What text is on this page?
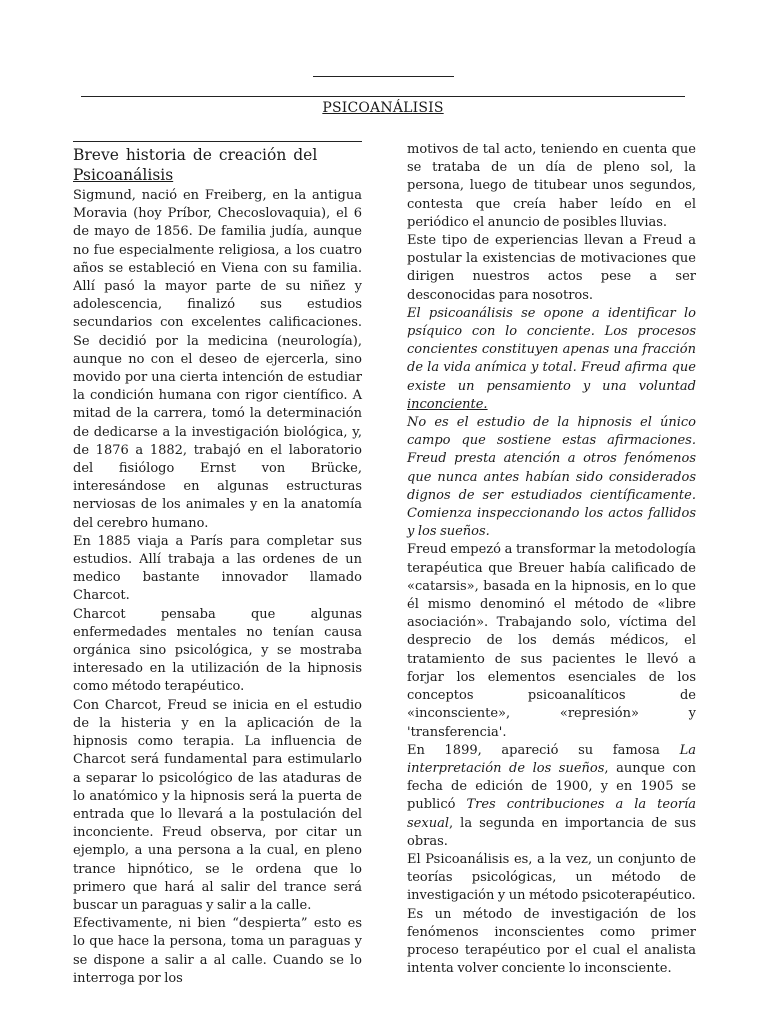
PSICOANÁLISIS
Breve historia de creación del
Psicoanálisis

Sigmund, nació en Freiberg, en la antigua Moravia (hoy Príbor, Checoslovaquia), el 6 de mayo de 1856. De familia judía, aunque no fue especialmente religiosa, a los cuatro años se estableció en Viena con su familia. Allí pasó la mayor parte de su niñez y adolescencia, finalizó sus estudios secundarios con excelentes calificaciones. Se decidió por la medicina (neurología), aunque no con el deseo de ejercerla, sino movido por una cierta intención de estudiar la condición humana con rigor científico. A mitad de la carrera, tomó la determinación de dedicarse a la investigación biológica, y, de 1876 a 1882, trabajó en el laboratorio del fisiólogo Ernst von Brücke, interesándose en algunas estructuras nerviosas de los animales y en la anatomía del cerebro humano.

En 1885 viaja a París para completar sus estudios. Allí trabaja a las ordenes de un medico bastante innovador llamado Charcot.

Charcot pensaba que algunas enfermedades mentales no tenían causa orgánica sino psicológica, y se mostraba interesado en la utilización de la hipnosis como método terapéutico.

Con Charcot, Freud se inicia en el estudio de la histeria y en la aplicación de la hipnosis como terapia. La influencia de Charcot será fundamental para estimularlo a separar lo psicológico de las ataduras de lo anatómico y la hipnosis será la puerta de entrada que lo llevará a la postulación del inconciente. Freud observa, por citar un ejemplo, a una persona a la cual, en pleno trance hipnótico, se le ordena que lo primero que hará al salir del trance será buscar un paraguas y salir a la calle.

Efectivamente, ni bien “despierta” esto es lo que hace la persona, toma un paraguas y se dispone a salir a al calle. Cuando se lo interroga por los

motivos de tal acto, teniendo en cuenta que se trataba de un día de pleno sol, la persona, luego de titubear unos segundos, contesta que creía haber leído en el periódico el anuncio de posibles lluvias.

Este tipo de experiencias llevan a Freud a postular la existencias de motivaciones que dirigen nuestros actos pese a ser desconocidas para nosotros.

El psicoanálisis se opone a identificar lo psíquico con lo conciente. Los procesos concientes constituyen apenas una fracción de la vida anímica y total. Freud afirma que existe un pensamiento y una voluntad inconciente.

No es el estudio de la hipnosis el único campo que sostiene estas afirmaciones. Freud presta atención a otros fenómenos que nunca antes habían sido considerados dignos de ser estudiados científicamente. Comienza inspeccionando los actos fallidos y los sueños.

Freud empezó a transformar la metodología terapéutica que Breuer había calificado de «catarsis», basada en la hipnosis, en lo que él mismo denominó el método de «libre asociación». Trabajando solo, víctima del desprecio de los demás médicos, el tratamiento de sus pacientes le llevó a forjar los elementos esenciales de los conceptos psicoanalíticos de «inconsciente», «represión» y 'transferencia'.

En 1899, apareció su famosa La interpretación de los sueños, aunque con fecha de edición de 1900, y en 1905 se publicó Tres contribuciones a la teoría sexual, la segunda en importancia de sus obras.

El Psicoanálisis es, a la vez, un conjunto de teorías psicológicas, un método de investigación y un método psicoterapéutico.

Es un método de investigación de los fenómenos inconscientes como primer proceso terapéutico por el cual el analista intenta volver conciente lo inconsciente.
